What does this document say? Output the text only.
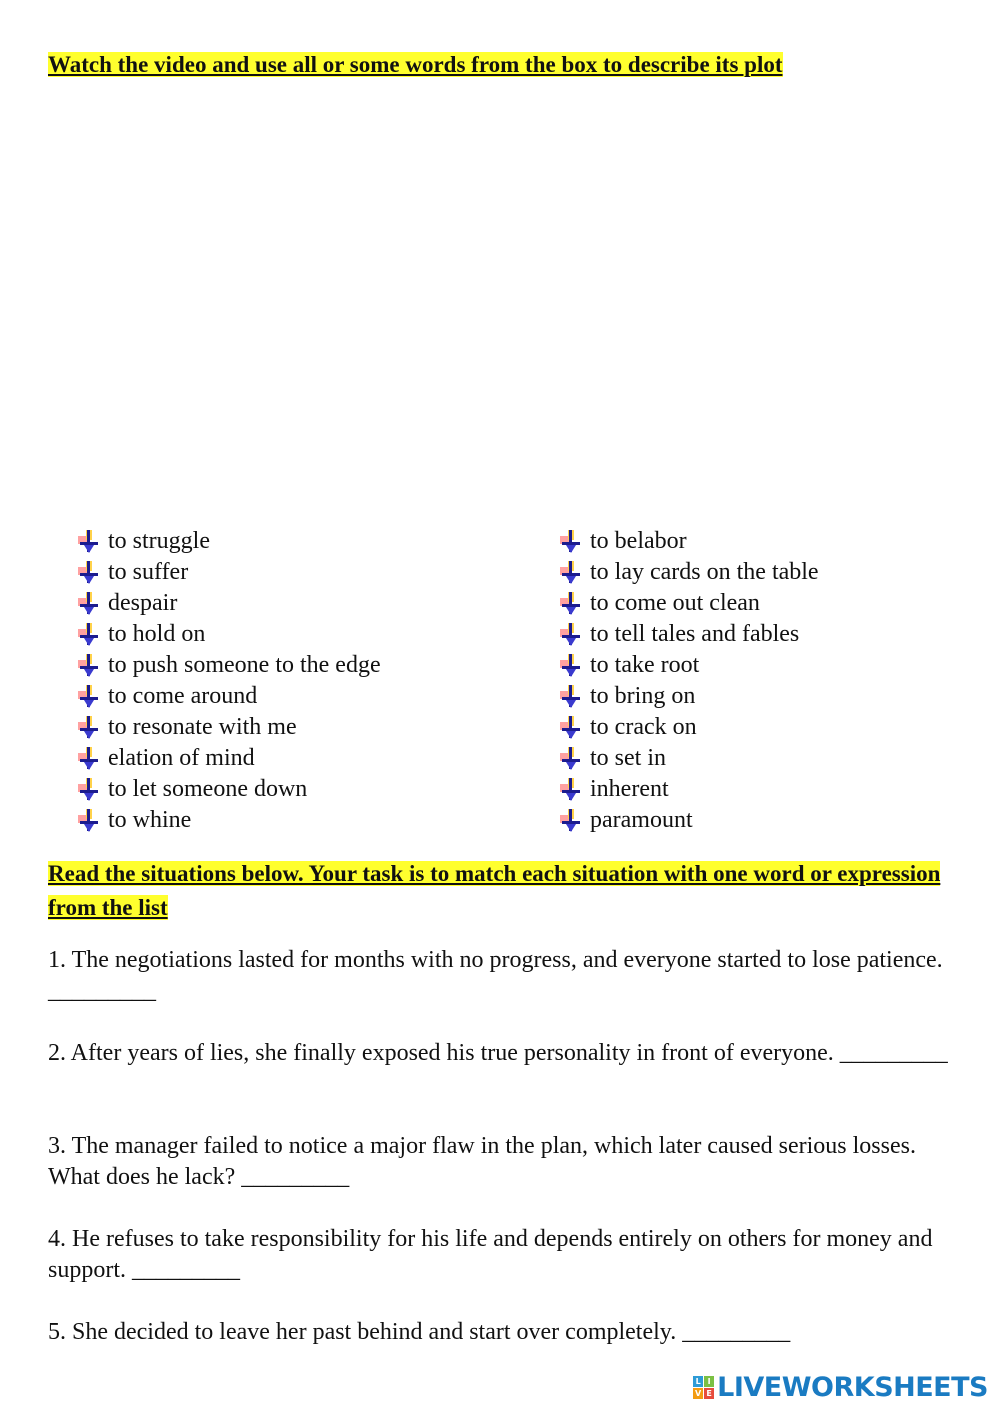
Watch the video and use all or some words from the box to describe its plot
to struggle
to suffer
despair
to hold on
to push someone to the edge
to come around
to resonate with me
elation of mind
to let someone down
to whine
to belabor
to lay cards on the table
to come out clean
to tell tales and fables
to take root
to bring on
to crack on
to set in
inherent
paramount
Read the situations below. Your task is to match each situation with one word or expression from the list
1. The negotiations lasted for months with no progress, and everyone started to lose patience. _________
2. After years of lies, she finally exposed his true personality in front of everyone. _________
3. The manager failed to notice a major flaw in the plan, which later caused serious losses. What does he lack? _________
4. He refuses to take responsibility for his life and depends entirely on others for money and support. _________
5. She decided to leave her past behind and start over completely. _________
L I
V E LIVEWORKSHEETS
